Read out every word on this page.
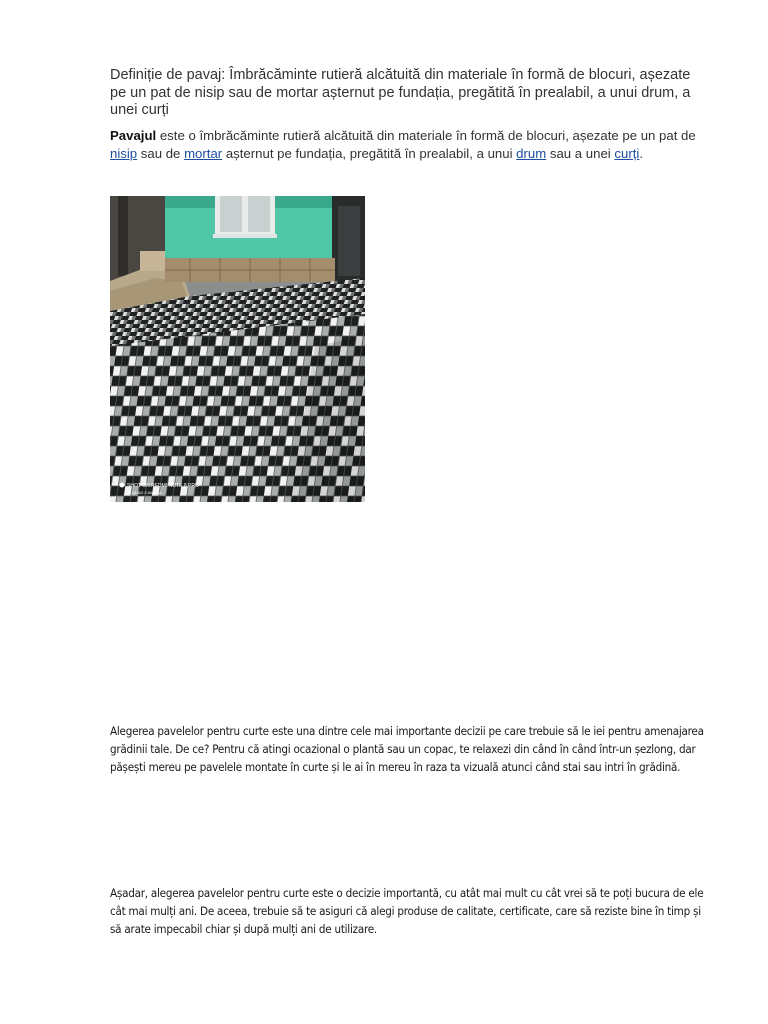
Definiție de pavaj: Îmbrăcăminte rutieră alcătuită din materiale în formă de blocuri, așezate pe un pat de nisip sau de mortar așternut pe fundația, pregătită în prealabil, a unui drum, a unei curți

Pavajul este o îmbrăcăminte rutieră alcătuită din materiale în formă de blocuri, așezate pe un pat de nisip sau de mortar așternut pe fundația, pregătită în prealabil, a unui drum sau a unei curți.

SHOT ON REDMI NOTE 8 PRO
AI QUAD CAMERA

Alegerea pavelelor pentru curte este una dintre cele mai importante decizii pe care trebuie să le iei pentru amenajarea grădinii tale. De ce? Pentru că atingi ocazional o plantă sau un copac, te relaxezi din când în când într-un șezlong, dar pășești mereu pe pavelele montate în curte și le ai în mereu în raza ta vizuală atunci când stai sau intri în grădină.

Așadar, alegerea pavelelor pentru curte este o decizie importantă, cu atât mai mult cu cât vrei să te poți bucura de ele cât mai mulți ani. De aceea, trebuie să te asiguri că alegi produse de calitate, certificate, care să reziste bine în timp și să arate impecabil chiar și după mulți ani de utilizare.
